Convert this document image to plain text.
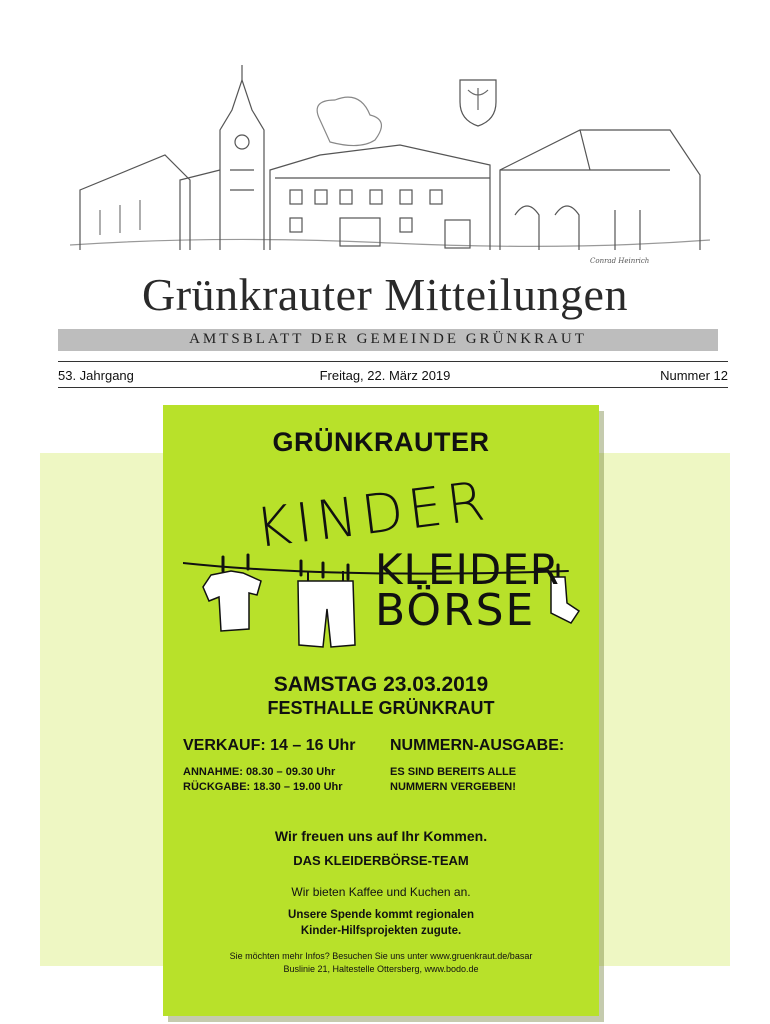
Conrad Heinrich
Grünkrauter Mitteilungen
AMTSBLATT DER GEMEINDE GRÜNKRAUT
53. Jahrgang	Freitag, 22. März 2019	Nummer 12
GRÜNKRAUTER
KINDER
KLEIDER
BÖRSE
SAMSTAG 23.03.2019
FESTHALLE GRÜNKRAUT
VERKAUF: 14 – 16 Uhr
ANNAHME: 08.30 – 09.30 Uhr
RÜCKGABE: 18.30 – 19.00 Uhr
NUMMERN-AUSGABE:
ES SIND BEREITS ALLE
NUMMERN VERGEBEN!
Wir freuen uns auf Ihr Kommen.
DAS KLEIDERBÖRSE-TEAM
Wir bieten Kaffee und Kuchen an.
Unsere Spende kommt regionalen
Kinder-Hilfsprojekten zugute.
Sie möchten mehr Infos? Besuchen Sie uns unter www.gruenkraut.de/basar
Buslinie 21, Haltestelle Ottersberg, www.bodo.de
